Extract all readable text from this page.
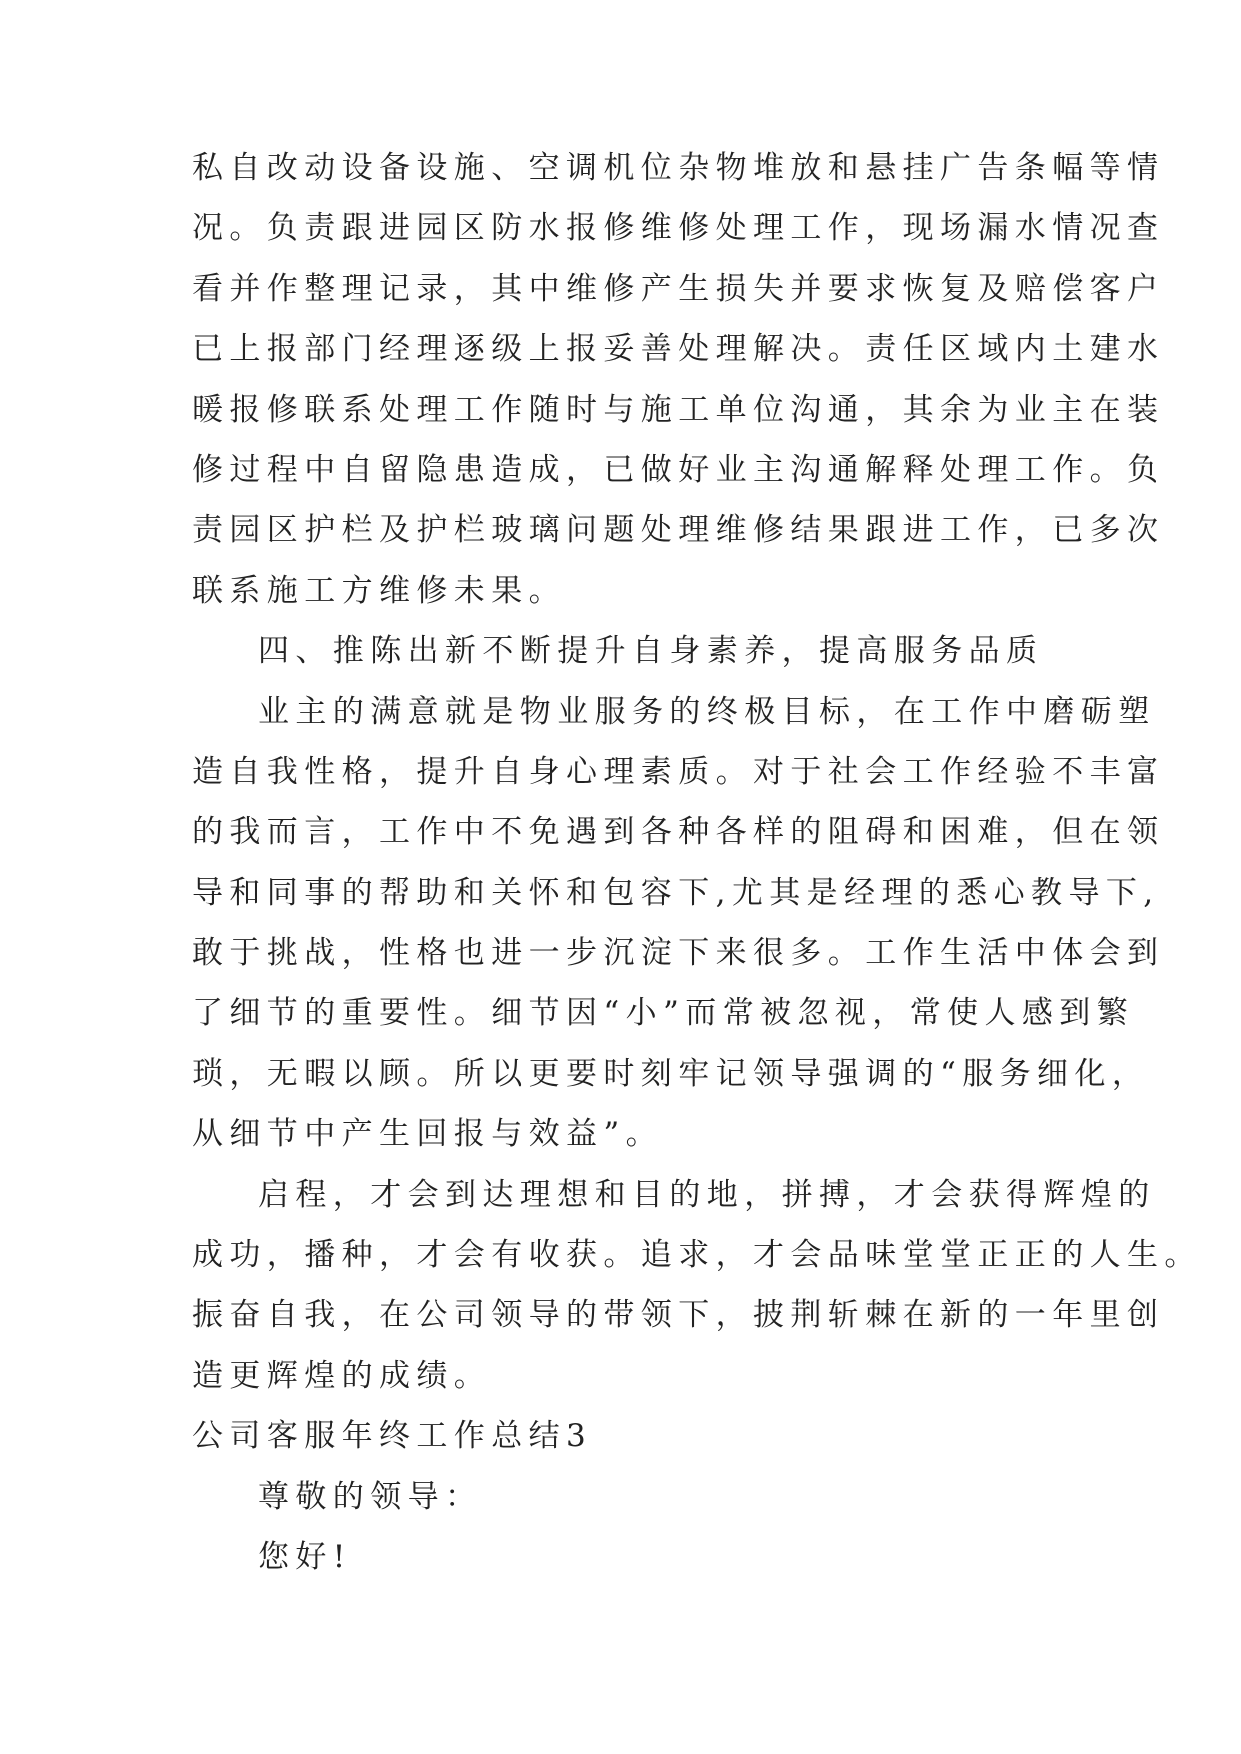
私自改动设备设施、空调机位杂物堆放和悬挂广告条幅等情
况。负责跟进园区防水报修维修处理工作，现场漏水情况查
看并作整理记录，其中维修产生损失并要求恢复及赔偿客户
已上报部门经理逐级上报妥善处理解决。责任区域内土建水
暖报修联系处理工作随时与施工单位沟通，其余为业主在装
修过程中自留隐患造成，已做好业主沟通解释处理工作。负
责园区护栏及护栏玻璃问题处理维修结果跟进工作，已多次
联系施工方维修未果。
四、推陈出新不断提升自身素养，提高服务品质
业主的满意就是物业服务的终极目标，在工作中磨砺塑
造自我性格，提升自身心理素质。对于社会工作经验不丰富
的我而言，工作中不免遇到各种各样的阻碍和困难，但在领
导和同事的帮助和关怀和包容下,尤其是经理的悉心教导下,
敢于挑战，性格也进一步沉淀下来很多。工作生活中体会到
了细节的重要性。细节因“小”而常被忽视，常使人感到繁
琐，无暇以顾。所以更要时刻牢记领导强调的“服务细化，
从细节中产生回报与效益”。
启程，才会到达理想和目的地，拼搏，才会获得辉煌的
成功，播种，才会有收获。追求，才会品味堂堂正正的人生。
振奋自我，在公司领导的带领下，披荆斩棘在新的一年里创
造更辉煌的成绩。
公司客服年终工作总结3
尊敬的领导：
您好!
